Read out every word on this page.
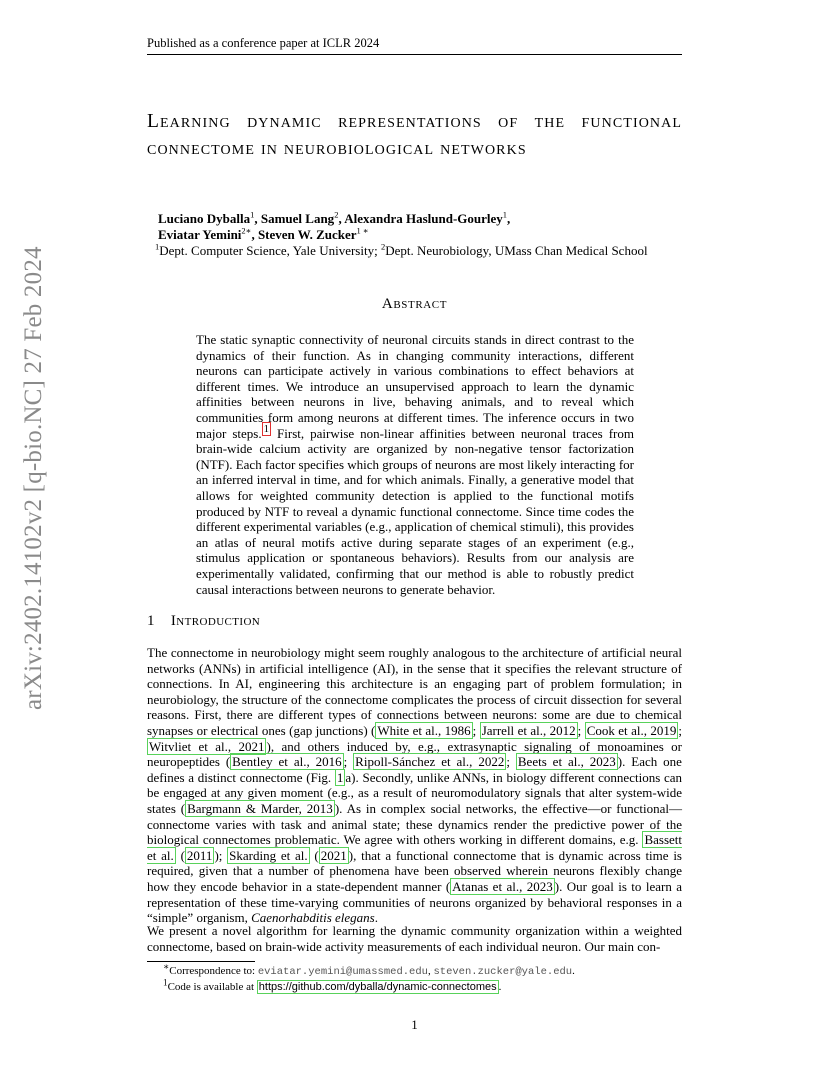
Published as a conference paper at ICLR 2024
arXiv:2402.14102v2 [q-bio.NC] 27 Feb 2024
Learning dynamic representations of the functional connectome in neurobiological networks
Luciano Dyballa$^1$, Samuel Lang$^2$, Alexandra Haslund-Gourley$^1$,
Eviatar Yemini$^{2∗}$, Steven W. Zucker$^{1 ∗}$
$^1$Dept. Computer Science, Yale University; $^2$Dept. Neurobiology, UMass Chan Medical School
Abstract
The static synaptic connectivity of neuronal circuits stands in direct contrast to the dynamics of their function. As in changing community interactions, different neurons can participate actively in various combinations to effect behaviors at different times. We introduce an unsupervised approach to learn the dynamic affinities between neurons in live, behaving animals, and to reveal which communities form among neurons at different times. The inference occurs in two major steps. $^1$ First, pairwise non-linear affinities between neuronal traces from brain-wide calcium activity are organized by non-negative tensor factorization (NTF). Each factor specifies which groups of neurons are most likely interacting for an inferred interval in time, and for which animals. Finally, a generative model that allows for weighted community detection is applied to the functional motifs produced by NTF to reveal a dynamic functional connectome. Since time codes the different experimental variables (e.g., application of chemical stimuli), this provides an atlas of neural motifs active during separate stages of an experiment (e.g., stimulus application or spontaneous behaviors). Results from our analysis are experimentally validated, confirming that our method is able to robustly predict causal interactions between neurons to generate behavior.
1 Introduction
The connectome in neurobiology might seem roughly analogous to the architecture of artificial neural networks (ANNs) in artificial intelligence (AI), in the sense that it specifies the relevant structure of connections. In AI, engineering this architecture is an engaging part of problem formulation; in neurobiology, the structure of the connectome complicates the process of circuit dissection for several reasons. First, there are different types of connections between neurons: some are due to chemical synapses or electrical ones (gap junctions) ( White et al., 1986 ; Jarrell et al., 2012 ; Cook et al., 2019 ; Witvliet et al., 2021 ), and others induced by, e.g., extrasynaptic signaling of monoamines or neuropeptides ( Bentley et al., 2016 ; Ripoll-Sánchez et al., 2022 ; Beets et al., 2023 ). Each one defines a distinct connectome (Fig. 1 a). Secondly, unlike ANNs, in biology different connections can be engaged at any given moment (e.g., as a result of neuromodulatory signals that alter system-wide states ( Bargmann & Marder, 2013 ). As in complex social networks, the effective—or functional—connectome varies with task and animal state; these dynamics render the predictive power of the biological connectomes problematic. We agree with others working in different domains, e.g. Bassett et al. ( 2011 ); Skarding et al. ( 2021 ), that a functional connectome that is dynamic across time is required, given that a number of phenomena have been observed wherein neurons flexibly change how they encode behavior in a state-dependent manner ( Atanas et al., 2023 ). Our goal is to learn a representation of these time-varying communities of neurons organized by behavioral responses in a “simple” organism, Caenorhabditis elegans.
We present a novel algorithm for learning the dynamic community organization within a weighted connectome, based on brain-wide activity measurements of each individual neuron. Our main con-
∗Correspondence to: eviatar.yemini@umassmed.edu, steven.zucker@yale.edu.
$^1$Code is available at https://github.com/dyballa/dynamic-connectomes .
1
